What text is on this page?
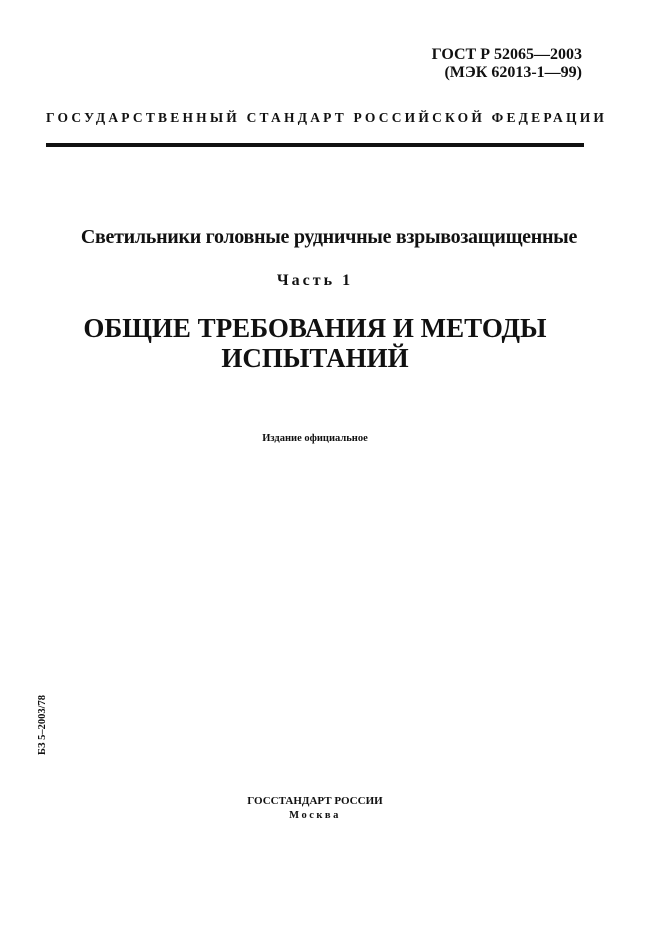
ГОСТ Р 52065—2003
(МЭК 62013-1—99)
ГОСУДАРСТВЕННЫЙ СТАНДАРТ РОССИЙСКОЙ ФЕДЕРАЦИИ
Светильники головные рудничные взрывозащищенные
Часть 1
ОБЩИЕ ТРЕБОВАНИЯ И МЕТОДЫ
ИСПЫТАНИЙ
Издание официальное
БЗ 5–2003/78
ГОССТАНДАРТ РОССИИ
Москва
